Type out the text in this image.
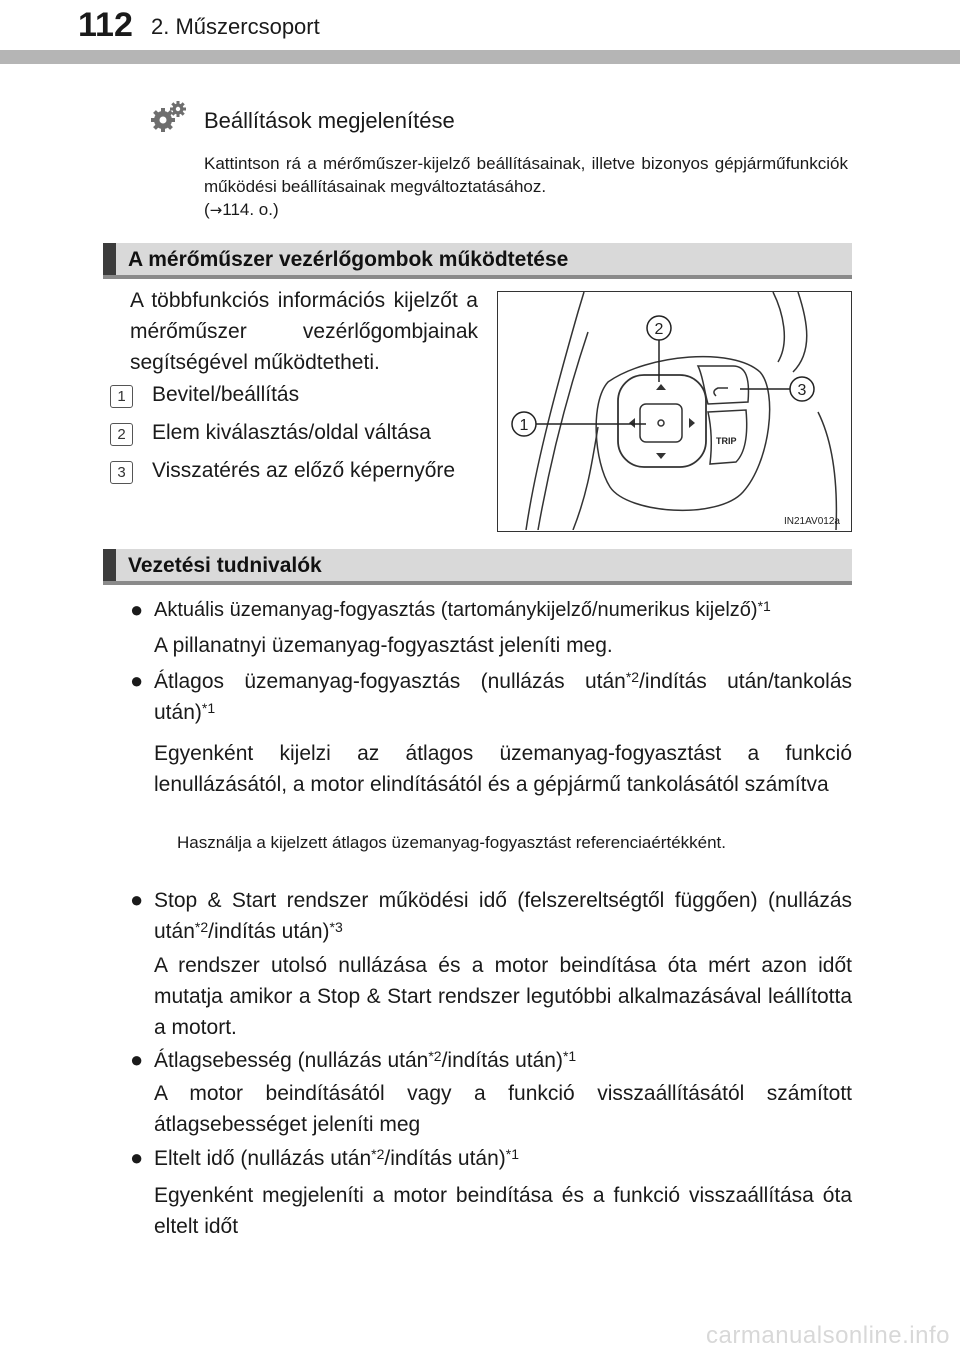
112 2. Műszercsoport
Beállítások megjelenítése
Kattintson rá a mérőműszer-kijelző beállításainak, illetve bizonyos gépjárműfunkciók működési beállításainak megváltoztatásához.
(→114. o.)
A mérőműszer vezérlőgombok működtetése
A többfunkciós információs kijelzőt a mérőműszer vezérlőgombjainak segítségével működtetheti.
1	Bevitel/beállítás
2	Elem kiválasztás/oldal váltása
3	Visszatérés az előző képernyőre
TRIP
1
2
3
IN21AV012a
Vezetési tudnivalók
● Aktuális üzemanyag-fogyasztás (tartománykijelző/numerikus kijelző)$^{*1}$
A pillanatnyi üzemanyag-fogyasztást jeleníti meg.
● Átlagos üzemanyag-fogyasztás (nullázás után$^{*2}$/indítás után/tankolás után)$^{*1}$
Egyenként kijelzi az átlagos üzemanyag-fogyasztást a funkció lenullázásától, a motor elindításától és a gépjármű tankolásától számítva
Használja a kijelzett átlagos üzemanyag-fogyasztást referenciaértékként.
● Stop & Start rendszer működési idő (felszereltségtől függően) (nullázás után$^{*2}$/indítás után)$^{*3}$
A rendszer utolsó nullázása és a motor beindítása óta mért azon időt mutatja amikor a Stop & Start rendszer legutóbbi alkalmazásával leállította a motort.
● Átlagsebesség (nullázás után$^{*2}$/indítás után)$^{*1}$
A motor beindításától vagy a funkció visszaállításától számított átlagsebességet jeleníti meg
● Eltelt idő (nullázás után$^{*2}$/indítás után)$^{*1}$
Egyenként megjeleníti a motor beindítása és a funkció visszaállítása óta eltelt időt
carmanualsonline.info
